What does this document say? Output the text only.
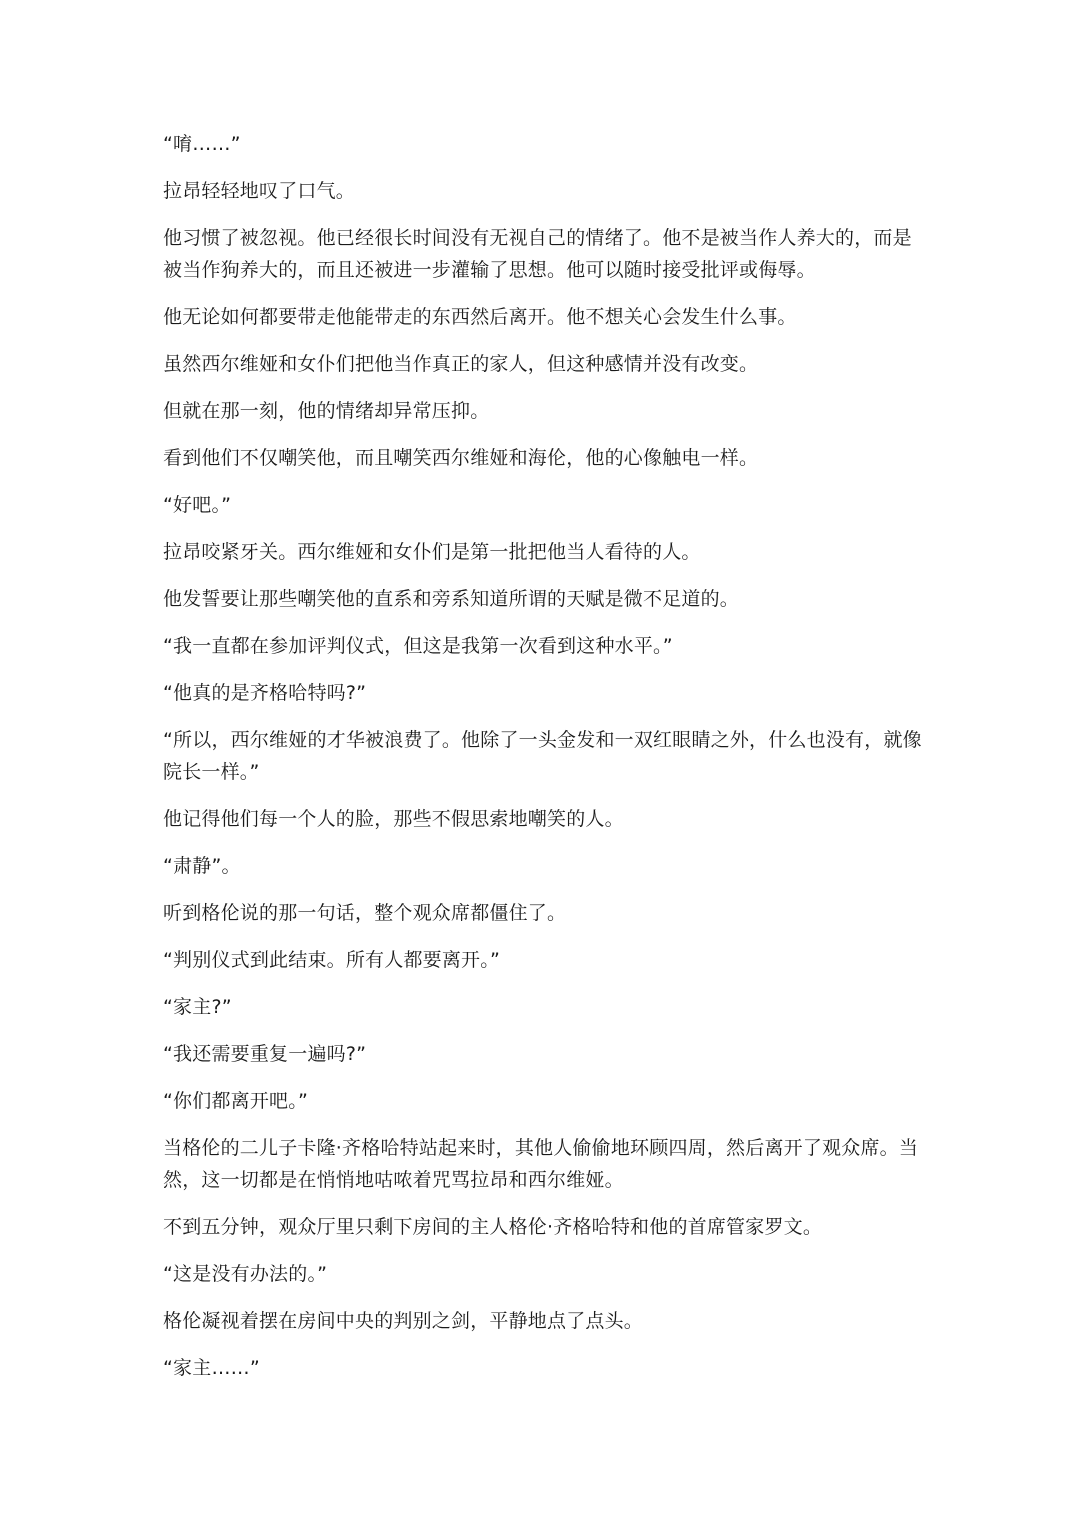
“唷……”

拉昂轻轻地叹了口气。

他习惯了被忽视。他已经很长时间没有无视自己的情绪了。他不是被当作人养大的，而是被当作狗养大的，而且还被进一步灌输了思想。他可以随时接受批评或侮辱。

他无论如何都要带走他能带走的东西然后离开。他不想关心会发生什么事。

虽然西尔维娅和女仆们把他当作真正的家人，但这种感情并没有改变。

但就在那一刻，他的情绪却异常压抑。

看到他们不仅嘲笑他，而且嘲笑西尔维娅和海伦，他的心像触电一样。

“好吧。”

拉昂咬紧牙关。西尔维娅和女仆们是第一批把他当人看待的人。

他发誓要让那些嘲笑他的直系和旁系知道所谓的天赋是微不足道的。

“我一直都在参加评判仪式，但这是我第一次看到这种水平。”

“他真的是齐格哈特吗?”

“所以，西尔维娅的才华被浪费了。他除了一头金发和一双红眼睛之外，什么也没有，就像院长一样。”

他记得他们每一个人的脸，那些不假思索地嘲笑的人。

“肃静”。

听到格伦说的那一句话，整个观众席都僵住了。

“判别仪式到此结束。所有人都要离开。”

“家主?”

“我还需要重复一遍吗?”

“你们都离开吧。”

当格伦的二儿子卡隆·齐格哈特站起来时，其他人偷偷地环顾四周，然后离开了观众席。当然，这一切都是在悄悄地咕哝着咒骂拉昂和西尔维娅。

不到五分钟，观众厅里只剩下房间的主人格伦·齐格哈特和他的首席管家罗文。

“这是没有办法的。”

格伦凝视着摆在房间中央的判别之剑，平静地点了点头。

“家主……”
